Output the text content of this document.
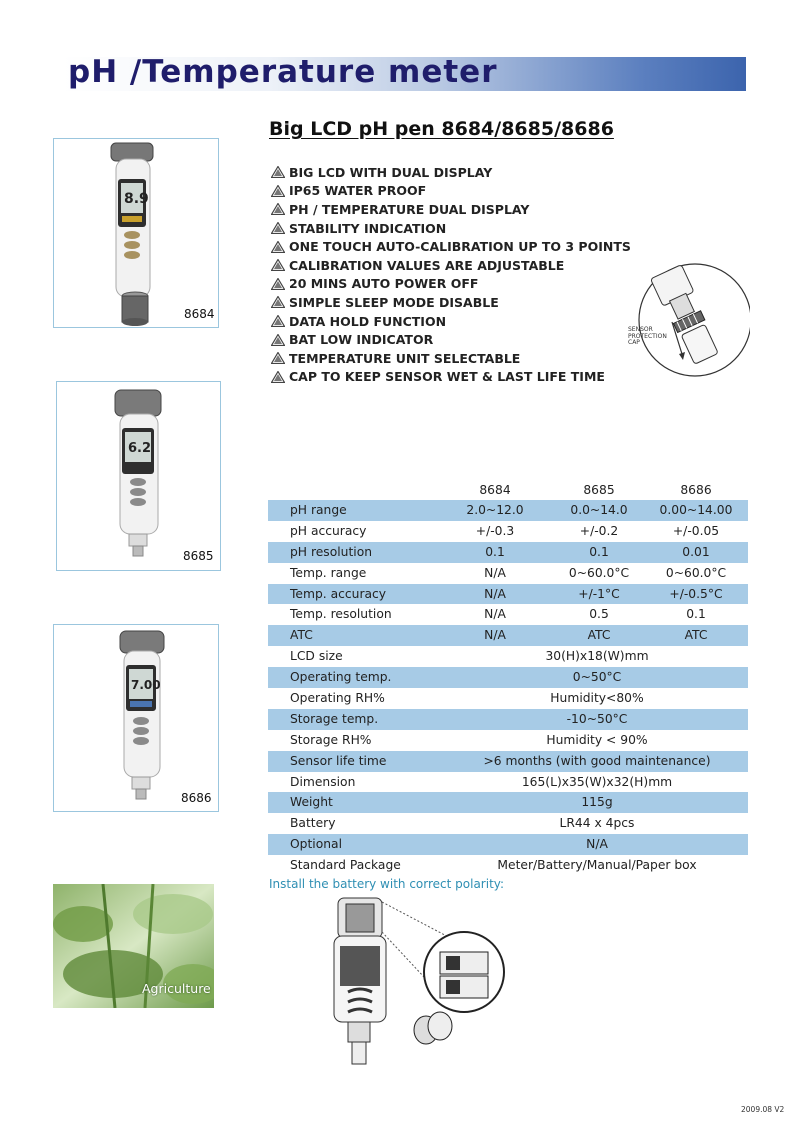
pH /Temperature meter
Big LCD pH pen 8684/8685/8686
BIG LCD WITH DUAL DISPLAY
IP65 WATER PROOF
PH / TEMPERATURE DUAL DISPLAY
STABILITY INDICATION
ONE TOUCH AUTO-CALIBRATION UP TO 3 POINTS
CALIBRATION VALUES ARE ADJUSTABLE
20 MINS AUTO POWER OFF
SIMPLE SLEEP MODE DISABLE
DATA HOLD FUNCTION
BAT LOW INDICATOR
TEMPERATURE UNIT SELECTABLE
CAP TO KEEP SENSOR WET & LAST LIFE TIME
SENSOR
PROTECTION
CAP
8.9
8684
6.2
8685
7.00
8686
8684	8685	8686
pH range	2.0~12.0	0.0~14.0	0.00~14.00
pH accuracy	+/-0.3	+/-0.2	+/-0.05
pH resolution	0.1	0.1	0.01
Temp. range	N/A	0~60.0°C	0~60.0°C
Temp. accuracy	N/A	+/-1°C	+/-0.5°C
Temp. resolution	N/A	0.5	0.1
ATC	N/A	ATC	ATC
LCD size	30(H)x18(W)mm
Operating temp.	0~50°C
Operating RH%	Humidity<80%
Storage temp.	-10~50°C
Storage RH%	Humidity < 90%
Sensor life time	>6 months (with good maintenance)
Dimension	165(L)x35(W)x32(H)mm
Weight	115g
Battery	LR44 x 4pcs
Optional	N/A
Standard Package	Meter/Battery/Manual/Paper box
Install the battery with correct polarity:
Agriculture
2009.08 V2
